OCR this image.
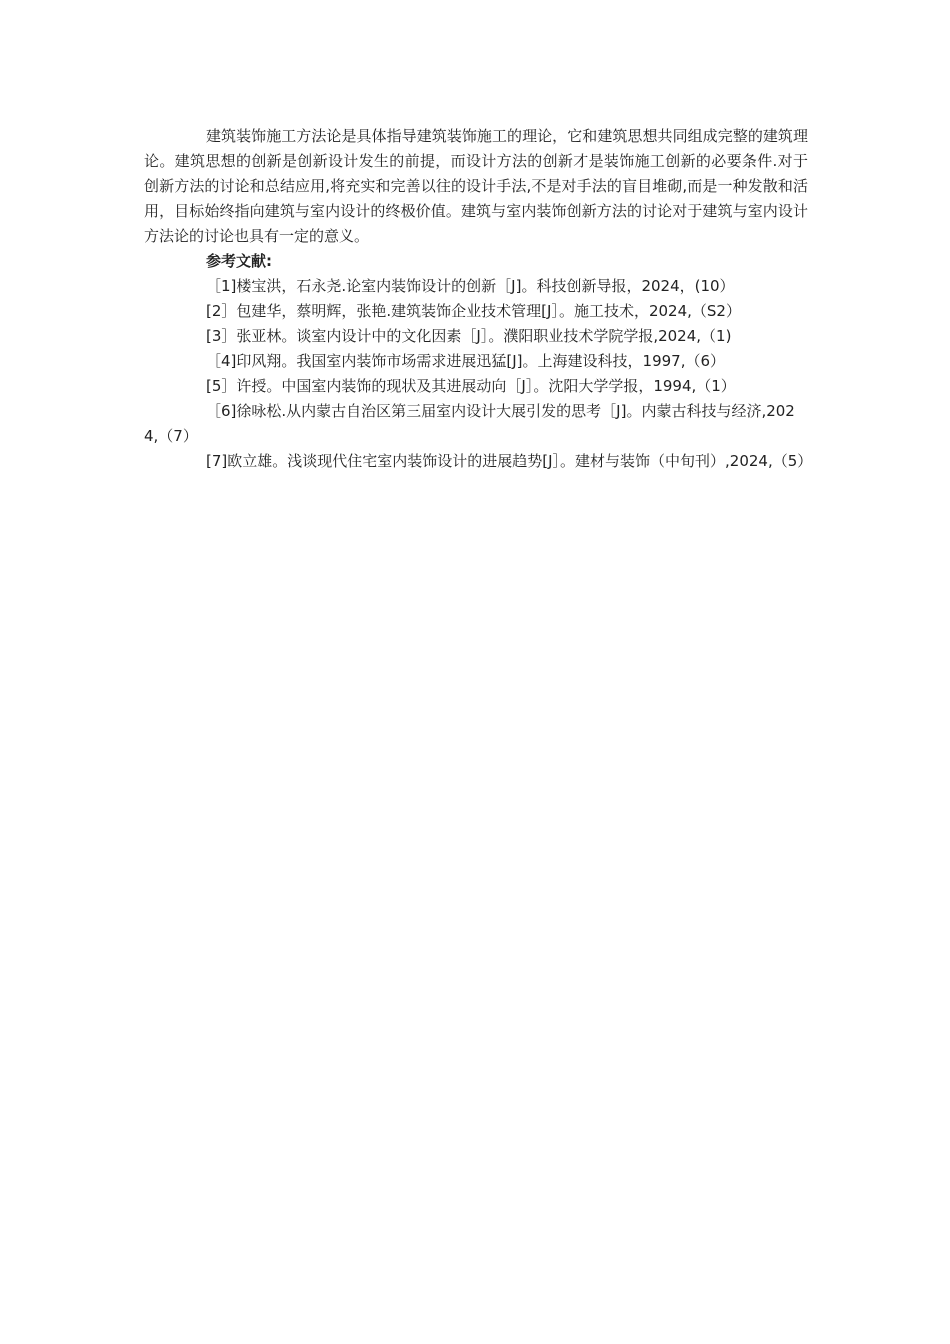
建筑装饰施工方法论是具体指导建筑装饰施工的理论，它和建筑思想共同组成完整的建筑理论。建筑思想的创新是创新设计发生的前提，而设计方法的创新才是装饰施工创新的必要条件.对于创新方法的讨论和总结应用,将充实和完善以往的设计手法,不是对手法的盲目堆砌,而是一种发散和活用，目标始终指向建筑与室内设计的终极价值。建筑与室内装饰创新方法的讨论对于建筑与室内设计方法论的讨论也具有一定的意义。

参考文献:

［1]楼宝洪，石永尧.论室内装饰设计的创新［J]。科技创新导报，2024，(10）
[2］包建华，蔡明辉，张艳.建筑装饰企业技术管理[J］。施工技术，2024,（S2）
[3］张亚林。谈室内设计中的文化因素［J］。濮阳职业技术学院学报,2024,（1)
［4]印风翔。我国室内装饰市场需求进展迅猛[J]。上海建设科技，1997,（6）
[5］许授。中国室内装饰的现状及其进展动向［J］。沈阳大学学报，1994,（1）
［6]徐咏松.从内蒙古自治区第三届室内设计大展引发的思考［J]。内蒙古科技与经济,2024,（7）
[7]欧立雄。浅谈现代住宅室内装饰设计的进展趋势[J］。建材与装饰（中旬刊）,2024,（5）
